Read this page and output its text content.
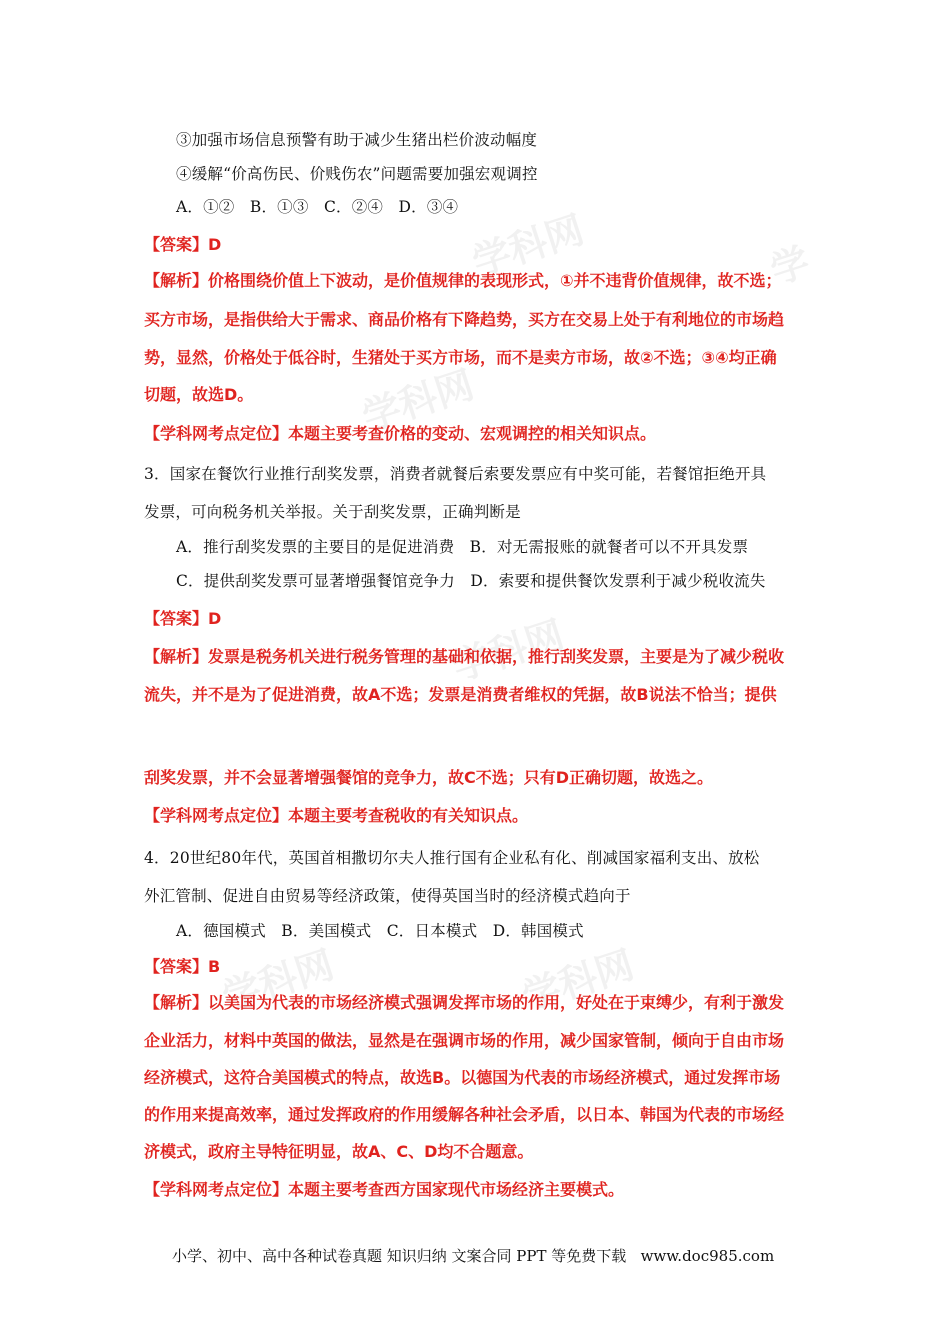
学科网	学
学科网
学科网
学科网	学科网
③加强市场信息预警有助于减少生猪出栏价波动幅度
④缓解“价高伤民、价贱伤农”问题需要加强宏观调控
A．①②   B．①③   C．②④   D．③④
【答案】D
【解析】价格围绕价值上下波动，是价值规律的表现形式，①并不违背价值规律，故不选；
买方市场，是指供给大于需求、商品价格有下降趋势，买方在交易上处于有利地位的市场趋
势，显然，价格处于低谷时，生猪处于买方市场，而不是卖方市场，故②不选；③④均正确
切题，故选D。
【学科网考点定位】本题主要考查价格的变动、宏观调控的相关知识点。
3．国家在餐饮行业推行刮奖发票，消费者就餐后索要发票应有中奖可能，若餐馆拒绝开具
发票，可向税务机关举报。关于刮奖发票，正确判断是
A．推行刮奖发票的主要目的是促进消费   B．对无需报账的就餐者可以不开具发票
C．提供刮奖发票可显著增强餐馆竞争力   D．索要和提供餐饮发票利于减少税收流失
【答案】D
【解析】发票是税务机关进行税务管理的基础和依据，推行刮奖发票，主要是为了减少税收
流失，并不是为了促进消费，故A不选；发票是消费者维权的凭据，故B说法不恰当；提供
刮奖发票，并不会显著增强餐馆的竞争力，故C不选；只有D正确切题，故选之。
【学科网考点定位】本题主要考查税收的有关知识点。
4．20世纪80年代，英国首相撒切尔夫人推行国有企业私有化、削减国家福利支出、放松
外汇管制、促进自由贸易等经济政策，使得英国当时的经济模式趋向于
A．德国模式   B．美国模式   C．日本模式   D．韩国模式
【答案】B
【解析】以美国为代表的市场经济模式强调发挥市场的作用，好处在于束缚少，有利于激发
企业活力，材料中英国的做法，显然是在强调市场的作用，减少国家管制，倾向于自由市场
经济模式，这符合美国模式的特点，故选B。以德国为代表的市场经济模式，通过发挥市场
的作用来提高效率，通过发挥政府的作用缓解各种社会矛盾，以日本、韩国为代表的市场经
济模式，政府主导特征明显，故A、C、D均不合题意。
【学科网考点定位】本题主要考查西方国家现代市场经济主要模式。
小学、初中、高中各种试卷真题 知识归纳 文案合同 PPT 等免费下载   www.doc985.com
